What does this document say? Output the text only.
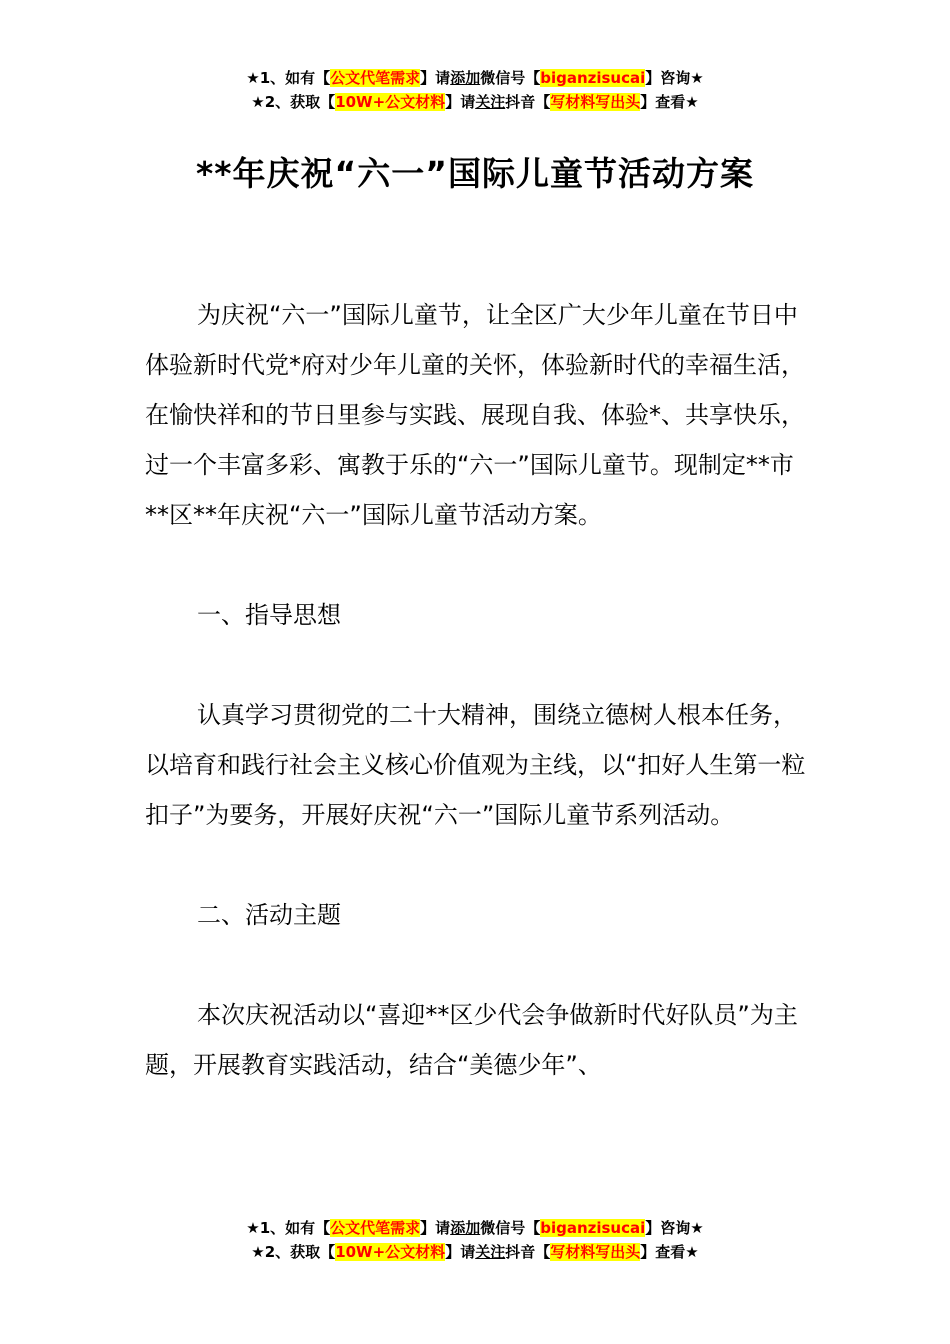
★1、如有【公文代笔需求】请添加微信号【biganzisucai】咨询★
★2、获取【10W+公文材料】请关注抖音【写材料写出头】查看★
**年庆祝“六一”国际儿童节活动方案

为庆祝“六一”国际儿童节，让全区广大少年儿童在节日中体验新时代党*府对少年儿童的关怀，体验新时代的幸福生活，在愉快祥和的节日里参与实践、展现自我、体验*、共享快乐，过一个丰富多彩、寓教于乐的“六一”国际儿童节。现制定**市**区**年庆祝“六一”国际儿童节活动方案。

一、指导思想

认真学习贯彻党的二十大精神，围绕立德树人根本任务，以培育和践行社会主义核心价值观为主线，以“扣好人生第一粒扣子”为要务，开展好庆祝“六一”国际儿童节系列活动。

二、活动主题

本次庆祝活动以“喜迎**区少代会争做新时代好队员”为主题，开展教育实践活动，结合“美德少年”、

★1、如有【公文代笔需求】请添加微信号【biganzisucai】咨询★
★2、获取【10W+公文材料】请关注抖音【写材料写出头】查看★
